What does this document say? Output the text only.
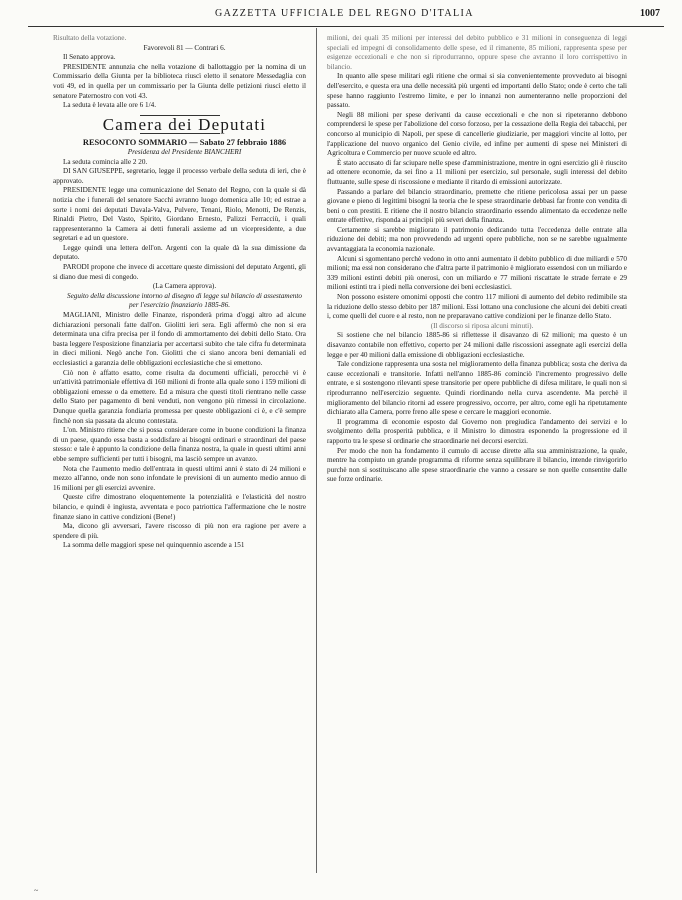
GAZZETTA UFFICIALE DEL REGNO D'ITALIA	1007

Risultato della votazione.

Favorevoli 81 — Contrari 6.

Il Senato approva.

PRESIDENTE annunzia che nella votazione di ballottaggio per la nomina di un Commissario della Giunta per la biblioteca riuscì eletto il senatore Messedaglia con voti 49, ed in quella per un commissario per la Giunta delle petizioni riuscì eletto il senatore Paternostro con voti 43.

La seduta è levata alle ore 6 1/4.

Camera dei Deputati

RESOCONTO SOMMARIO — Sabato 27 febbraio 1886

Presidenza del Presidente BIANCHERI

La seduta comincia alle 2 20.

DI SAN GIUSEPPE, segretario, legge il processo verbale della seduta di ieri, che è approvato.

PRESIDENTE legge una comunicazione del Senato del Regno, con la quale si dà notizia che i funerali del senatore Sacchi avranno luogo domenica alle 10; ed estrae a sorte i nomi dei deputati Davala-Valva, Pulvere, Tenani, Riolo, Menotti, De Renzis, Rinaldi Pietro, Del Vasto, Spirito, Giordano Ernesto, Palizzi Ferracciù, i quali rappresenteranno la Camera ai detti funerali assieme ad un vicepresidente, a due segretari e ad un questore.

Legge quindi una lettera dell'on. Argenti con la quale dà la sua dimissione da deputato.

PARODI propone che invece di accettare queste dimissioni del deputato Argenti, gli si diano due mesi di congedo.

(La Camera approva).

Seguito della discussione intorno al disegno di legge sul bilancio di assestamento per l'esercizio finanziario 1885-86.

MAGLIANI, Ministro delle Finanze, risponderà prima d'oggi altro ad alcune dichiarazioni personali fatte dall'on. Giolitti ieri sera. Egli affermò che non si era determinata una cifra precisa per il fondo di ammortamento dei debiti dello Stato. Ora basta leggere l'esposizione finanziaria per accertarsi subito che tale cifra fu determinata in dieci milioni. Negò anche l'on. Giolitti che ci siano ancora beni demaniali ed ecclesiastici a garanzia delle obbligazioni ecclesiastiche che si emettono.

Ciò non è affatto esatto, come risulta da documenti ufficiali, perocchè vi è un'attività patrimoniale effettiva di 160 milioni di fronte alla quale sono i 159 milioni di obbligazioni emesse o da emettere. Ed a misura che questi titoli rientrano nelle casse dello Stato per pagamento di beni venduti, non vengono più rimessi in circolazione. Dunque quella garanzia fondiaria promessa per queste obbligazioni ci è, e c'è sempre finchè non sia passata da alcuno contestata.

L'on. Ministro ritiene che si possa considerare come in buone condizioni la finanza di un paese, quando essa basta a soddisfare ai bisogni ordinari e straordinari del paese stesso: e tale è appunto la condizione della finanza nostra, la quale in questi ultimi anni ebbe sempre sufficienti per tutti i bisogni, ma lasciò sempre un avanzo.

Nota che l'aumento medio dell'entrata in questi ultimi anni è stato di 24 milioni e mezzo all'anno, onde non sono infondate le previsioni di un aumento medio annuo di 16 milioni per gli esercizi avvenire.

Queste cifre dimostrano eloquentemente la potenzialità e l'elasticità del nostro bilancio, e quindi è ingiusta, avventata e poco patriottica l'affermazione che le nostre finanze siano in cattive condizioni (Bene!)

Ma, dicono gli avversari, l'avere riscosso di più non era ragione per avere a spendere di più.

La somma delle maggiori spese nel quinquennio ascende a 151

milioni, dei quali 35 milioni per interessi del debito pubblico e 31 milioni in conseguenza di leggi speciali ed impegni di consolidamento delle spese, ed il rimanente, 85 milioni, rappresenta spese per esigenze eccezionali e che non si riprodurranno, oppure spese che avranno il loro corrispettivo in bilancio.

In quanto alle spese militari egli ritiene che ormai si sia convenientemente provveduto ai bisogni dell'esercito, e questa era una delle necessità più urgenti ed importanti dello Stato; onde è certo che tali spese hanno raggiunto l'estremo limite, e per lo innanzi non aumenteranno nelle proporzioni del passato.

Negli 88 milioni per spese derivanti da cause eccezionali e che non si ripeteranno debbono comprendersi le spese per l'abolizione del corso forzoso, per la cessazione della Regia dei tabacchi, per concorso al municipio di Napoli, per spese di cancellerie giudiziarie, per maggiori vincite al lotto, per l'applicazione del nuovo organico del Genio civile, ed infine per aumenti di spese nei Ministeri di Agricoltura e Commercio per nuove scuole ed altro.

È stato accusato di far sciupare nelle spese d'amministrazione, mentre in ogni esercizio gli è riuscito ad ottenere economie, da sei fino a 11 milioni per esercizio, sul personale, sugli interessi del debito fluttuante, sulle spese di riscossione e mediante il ritardo di emissioni autorizzate.

Passando a parlare del bilancio straordinario, premette che ritiene pericolosa assai per un paese giovane e pieno di legittimi bisogni la teoria che le spese straordinarie debbasi far fronte con vendita di beni o con prestiti. E ritiene che il nostro bilancio straordinario essendo alimentato da eccedenze nelle entrate effettive, risponda ai principii più severi della finanza.

Certamente si sarebbe migliorato il patrimonio dedicando tutta l'eccedenza delle entrate alla riduzione dei debiti; ma non provvedendo ad urgenti opere pubbliche, non se ne sarebbe ugualmente avvantaggiata la economia nazionale.

Alcuni si sgomentano perchè vedono in otto anni aumentato il debito pubblico di due miliardi e 570 milioni; ma essi non considerano che d'altra parte il patrimonio è migliorato essendosi con un miliardo e 339 milioni estinti debiti più onerosi, con un miliardo e 77 milioni riscattate le strade ferrate e 29 milioni estinti tra i piedi nella conversione dei beni ecclesiastici.

Non possono esistere omonimi opposti che contro 117 milioni di aumento del debito redimibile sta la riduzione dello stesso debito per 187 milioni. Essi lottano una conclusione che alcuni dei debiti creati i, come quelli del cuore e al resto, non ne preparavano cattive condizioni per le finanze dello Stato.

(Il discorso si riposa alcuni minuti).

Si sostiene che nel bilancio 1885-86 si riflettesse il disavanzo di 62 milioni; ma questo è un disavanzo contabile non effettivo, coperto per 24 milioni dalle riscossioni assegnate agli esercizi della legge e per 40 milioni dalla emissione di obbligazioni ecclesiastiche.

Tale condizione rappresenta una sosta nel miglioramento della finanza pubblica; sosta che deriva da cause eccezionali e transitorie. Infatti nell'anno 1885-86 cominciò l'incremento progressivo delle entrate, e si sostengono rilevanti spese transitorie per opere pubbliche di difesa militare, le quali non si riprodurranno nell'esercizio seguente. Quindi riordinando nella curva ascendente. Ma perchè il miglioramento del bilancio ritorni ad essere progressivo, occorre, per altro, come egli ha ripetutamente dichiarato alla Camera, porre freno alle spese e cercare le maggiori economie.

Il programma di economie esposto dal Governo non pregiudica l'andamento dei servizi e lo svolgimento della prosperità pubblica, e il Ministro lo dimostra esponendo la progressione ed il rapporto tra le spese sì ordinarie che straordinarie nei decorsi esercizi.

Per modo che non ha fondamento il cumulo di accuse dirette alla sua amministrazione, la quale, mentre ha compiuto un grande programma di riforme senza squilibrare il bilancio, intende rinvigorirlo purchè non si sostituiscano alle spese straordinarie che vanno a cessare se non quelle consentite dalle sue forze ordinarie.

~
